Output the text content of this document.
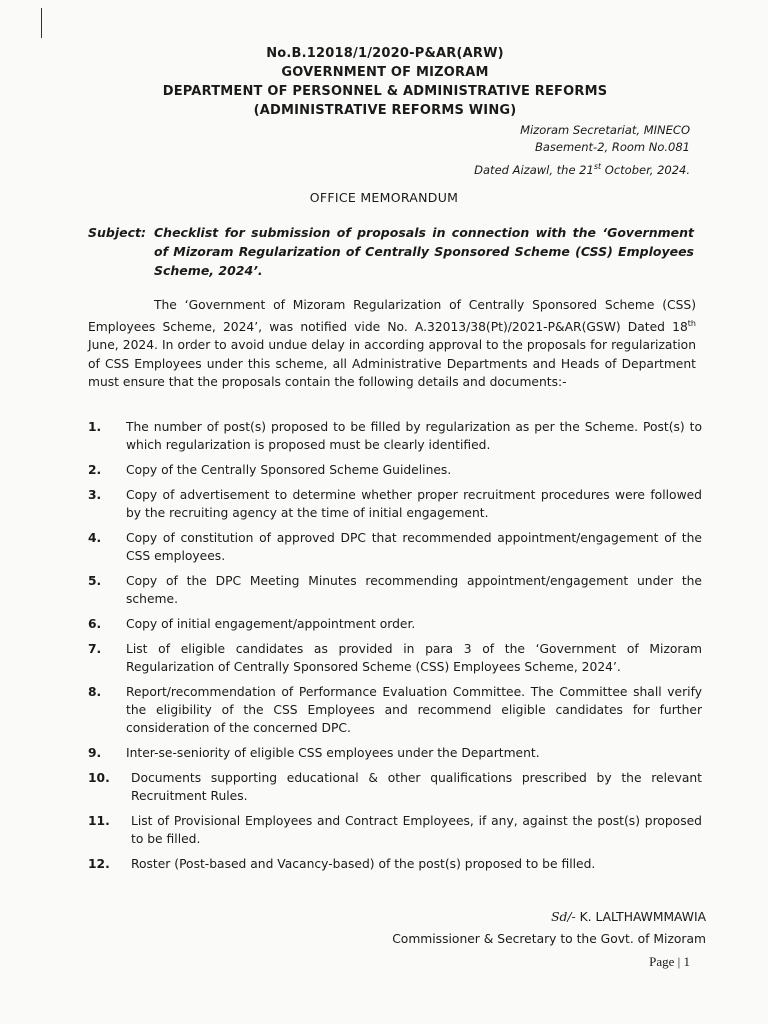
No.B.12018/1/2020-P&AR(ARW)
GOVERNMENT OF MIZORAM
DEPARTMENT OF PERSONNEL & ADMINISTRATIVE REFORMS
(ADMINISTRATIVE REFORMS WING)
Mizoram Secretariat, MINECO
Basement-2, Room No.081
Dated Aizawl, the 21st October, 2024.
OFFICE MEMORANDUM
Subject: Checklist for submission of proposals in connection with the ‘Government of Mizoram Regularization of Centrally Sponsored Scheme (CSS) Employees Scheme, 2024’.
The ‘Government of Mizoram Regularization of Centrally Sponsored Scheme (CSS) Employees Scheme, 2024’, was notified vide No. A.32013/38(Pt)/2021-P&AR(GSW) Dated 18th June, 2024. In order to avoid undue delay in according approval to the proposals for regularization of CSS Employees under this scheme, all Administrative Departments and Heads of Department must ensure that the proposals contain the following details and documents:-
1. The number of post(s) proposed to be filled by regularization as per the Scheme. Post(s) to which regularization is proposed must be clearly identified.
2. Copy of the Centrally Sponsored Scheme Guidelines.
3. Copy of advertisement to determine whether proper recruitment procedures were followed by the recruiting agency at the time of initial engagement.
4. Copy of constitution of approved DPC that recommended appointment/engagement of the CSS employees.
5. Copy of the DPC Meeting Minutes recommending appointment/engagement under the scheme.
6. Copy of initial engagement/appointment order.
7. List of eligible candidates as provided in para 3 of the ‘Government of Mizoram Regularization of Centrally Sponsored Scheme (CSS) Employees Scheme, 2024’.
8. Report/recommendation of Performance Evaluation Committee. The Committee shall verify the eligibility of the CSS Employees and recommend eligible candidates for further consideration of the concerned DPC.
9. Inter-se-seniority of eligible CSS employees under the Department.
10. Documents supporting educational & other qualifications prescribed by the relevant Recruitment Rules.
11. List of Provisional Employees and Contract Employees, if any, against the post(s) proposed to be filled.
12. Roster (Post-based and Vacancy-based) of the post(s) proposed to be filled.
Sd/- K. LALTHAWMMAWIA
Commissioner & Secretary to the Govt. of Mizoram
Page | 1
